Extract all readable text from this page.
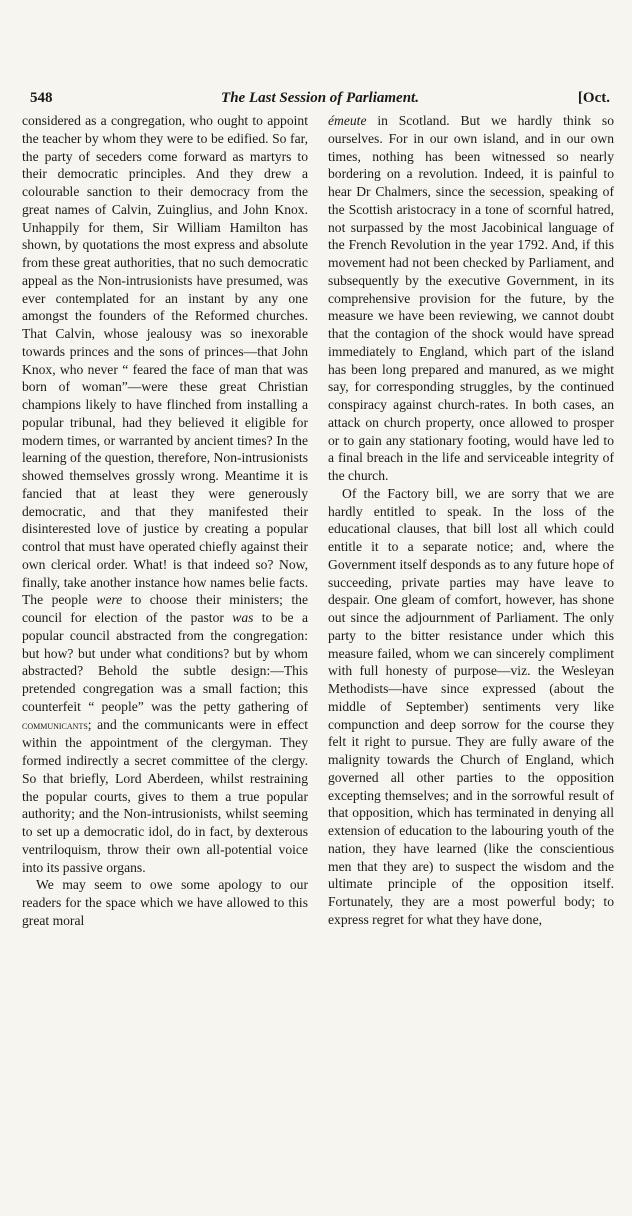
548	The Last Session of Parliament.	[Oct.

considered as a congregation, who ought to appoint the teacher by whom they were to be edified. So far, the party of seceders come forward as martyrs to their democratic principles. And they drew a colourable sanction to their democracy from the great names of Calvin, Zuinglius, and John Knox. Unhappily for them, Sir William Hamilton has shown, by quotations the most express and absolute from these great authorities, that no such democratic appeal as the Non-intrusionists have presumed, was ever contemplated for an instant by any one amongst the founders of the Reformed churches. That Calvin, whose jealousy was so inexorable towards princes and the sons of princes—that John Knox, who never “ feared the face of man that was born of woman”—were these great Christian champions likely to have flinched from installing a popular tribunal, had they believed it eligible for modern times, or warranted by ancient times? In the learning of the question, therefore, Non-intrusionists showed themselves grossly wrong. Meantime it is fancied that at least they were generously democratic, and that they manifested their disinterested love of justice by creating a popular control that must have operated chiefly against their own clerical order. What! is that indeed so? Now, finally, take another instance how names belie facts. The people were to choose their ministers; the council for election of the pastor was to be a popular council abstracted from the congregation: but how? but under what conditions? but by whom abstracted? Behold the subtle design:—This pretended congregation was a small faction; this counterfeit “ people” was the petty gathering of communicants; and the communicants were in effect within the appointment of the clergyman. They formed indirectly a secret committee of the clergy. So that briefly, Lord Aberdeen, whilst restraining the popular courts, gives to them a true popular authority; and the Non-intrusionists, whilst seeming to set up a democratic idol, do in fact, by dexterous ventriloquism, throw their own all-potential voice into its passive organs.

We may seem to owe some apology to our readers for the space which we have allowed to this great moral

émeute in Scotland. But we hardly think so ourselves. For in our own island, and in our own times, nothing has been witnessed so nearly bordering on a revolution. Indeed, it is painful to hear Dr Chalmers, since the secession, speaking of the Scottish aristocracy in a tone of scornful hatred, not surpassed by the most Jacobinical language of the French Revolution in the year 1792. And, if this movement had not been checked by Parliament, and subsequently by the executive Government, in its comprehensive provision for the future, by the measure we have been reviewing, we cannot doubt that the contagion of the shock would have spread immediately to England, which part of the island has been long prepared and manured, as we might say, for corresponding struggles, by the continued conspiracy against church-rates. In both cases, an attack on church property, once allowed to prosper or to gain any stationary footing, would have led to a final breach in the life and serviceable integrity of the church.

Of the Factory bill, we are sorry that we are hardly entitled to speak. In the loss of the educational clauses, that bill lost all which could entitle it to a separate notice; and, where the Government itself desponds as to any future hope of succeeding, private parties may have leave to despair. One gleam of comfort, however, has shone out since the adjournment of Parliament. The only party to the bitter resistance under which this measure failed, whom we can sincerely compliment with full honesty of purpose—viz. the Wesleyan Methodists—have since expressed (about the middle of September) sentiments very like compunction and deep sorrow for the course they felt it right to pursue. They are fully aware of the malignity towards the Church of England, which governed all other parties to the opposition excepting themselves; and in the sorrowful result of that opposition, which has terminated in denying all extension of education to the labouring youth of the nation, they have learned (like the conscientious men that they are) to suspect the wisdom and the ultimate principle of the opposition itself. Fortunately, they are a most powerful body; to express regret for what they have done,
